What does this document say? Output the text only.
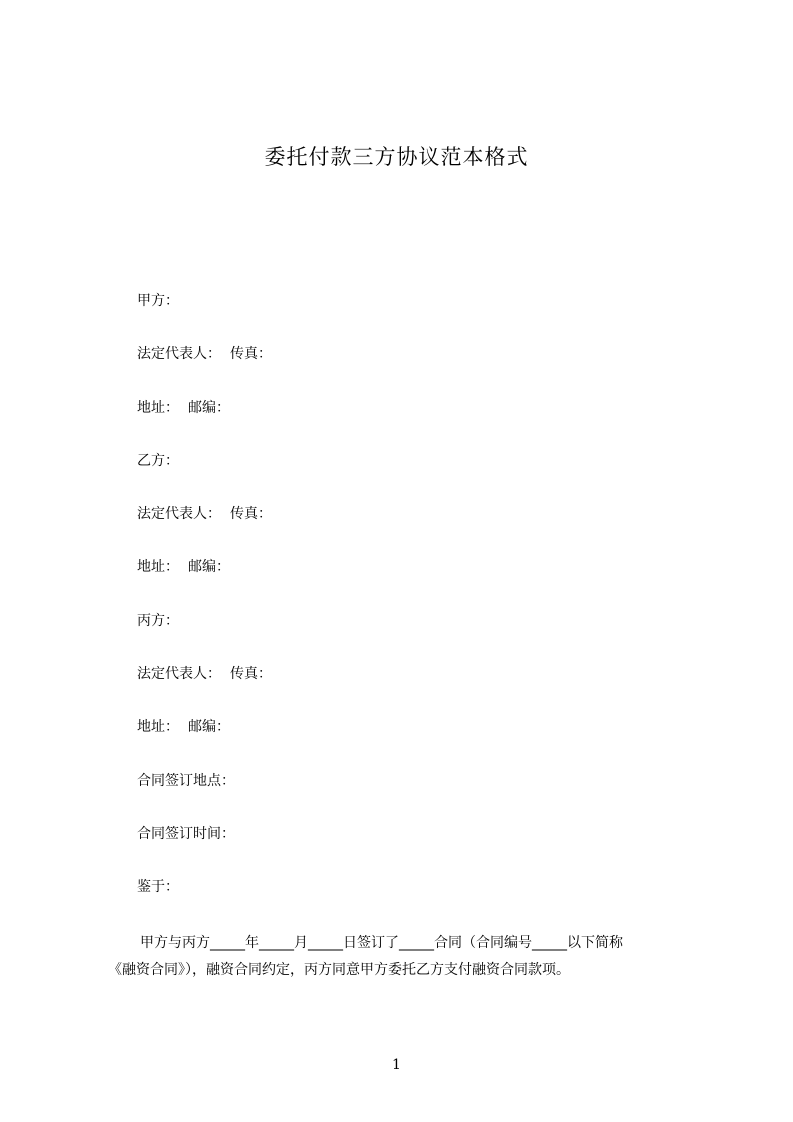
委托付款三方协议范本格式
甲方：
法定代表人： 传真：
地址： 邮编：
乙方：
法定代表人： 传真：
地址： 邮编：
丙方：
法定代表人： 传真：
地址： 邮编：
合同签订地点：
合同签订时间：
鉴于：
甲方与丙方_____年_____月_____日签订了_____合同（合同编号_____以下简称
《融资合同》），融资合同约定，丙方同意甲方委托乙方支付融资合同款项。
1
